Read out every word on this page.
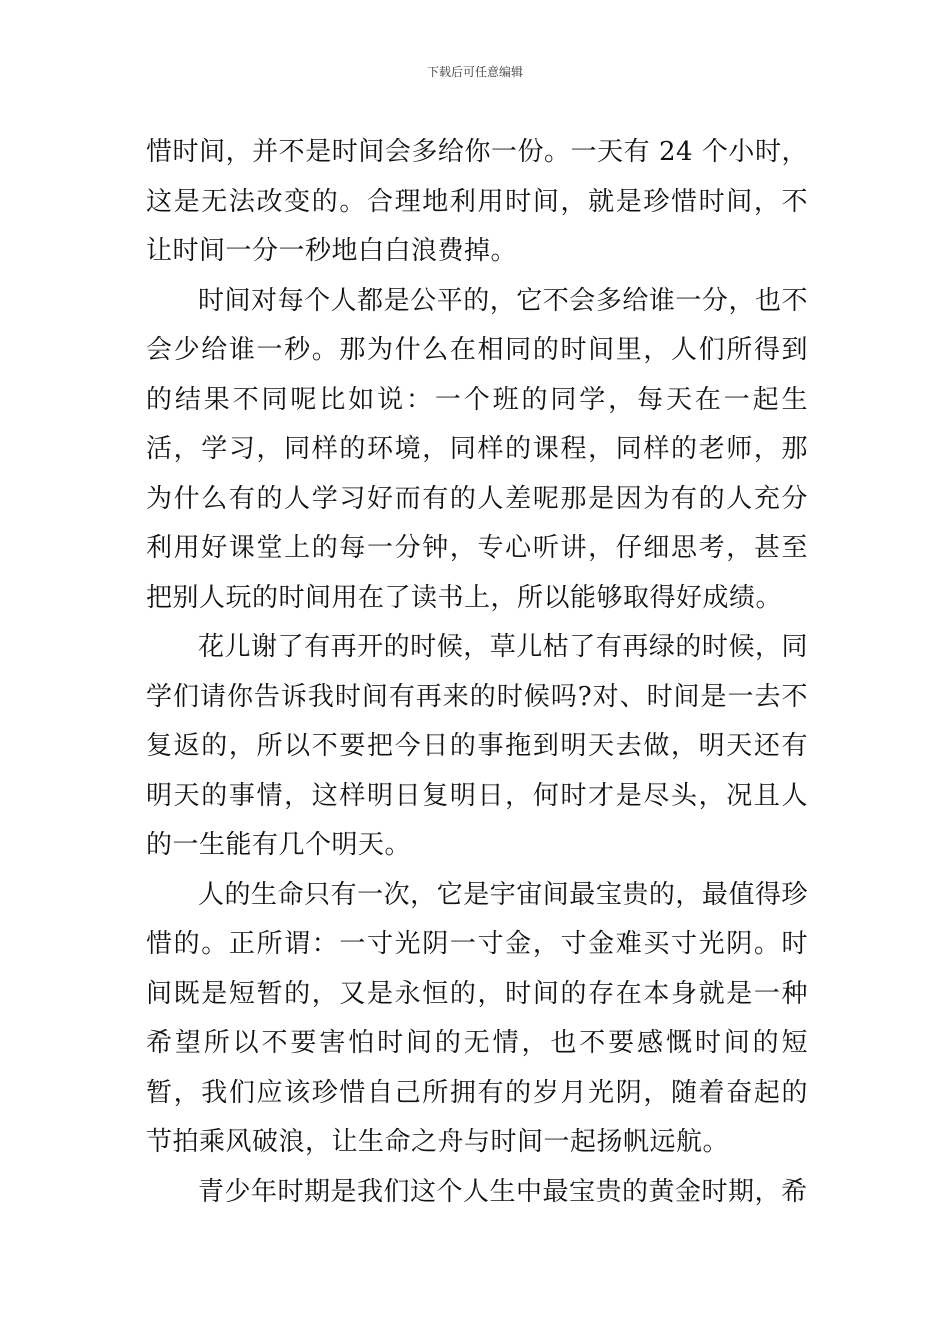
下载后可任意编辑

惜时间，并不是时间会多给你一份。一天有 24 个小时，这是无法改变的。合理地利用时间，就是珍惜时间，不让时间一分一秒地白白浪费掉。

时间对每个人都是公平的，它不会多给谁一分，也不会少给谁一秒。那为什么在相同的时间里，人们所得到的结果不同呢比如说：一个班的同学，每天在一起生活，学习，同样的环境，同样的课程，同样的老师，那为什么有的人学习好而有的人差呢那是因为有的人充分利用好课堂上的每一分钟，专心听讲，仔细思考，甚至把别人玩的时间用在了读书上，所以能够取得好成绩。

花儿谢了有再开的时候，草儿枯了有再绿的时候，同学们请你告诉我时间有再来的时候吗?对、时间是一去不复返的，所以不要把今日的事拖到明天去做，明天还有明天的事情，这样明日复明日，何时才是尽头，况且人的一生能有几个明天。

人的生命只有一次，它是宇宙间最宝贵的，最值得珍惜的。正所谓：一寸光阴一寸金，寸金难买寸光阴。时间既是短暂的，又是永恒的，时间的存在本身就是一种希望所以不要害怕时间的无情，也不要感慨时间的短暂，我们应该珍惜自己所拥有的岁月光阴，随着奋起的节拍乘风破浪，让生命之舟与时间一起扬帆远航。

青少年时期是我们这个人生中最宝贵的黄金时期，希
